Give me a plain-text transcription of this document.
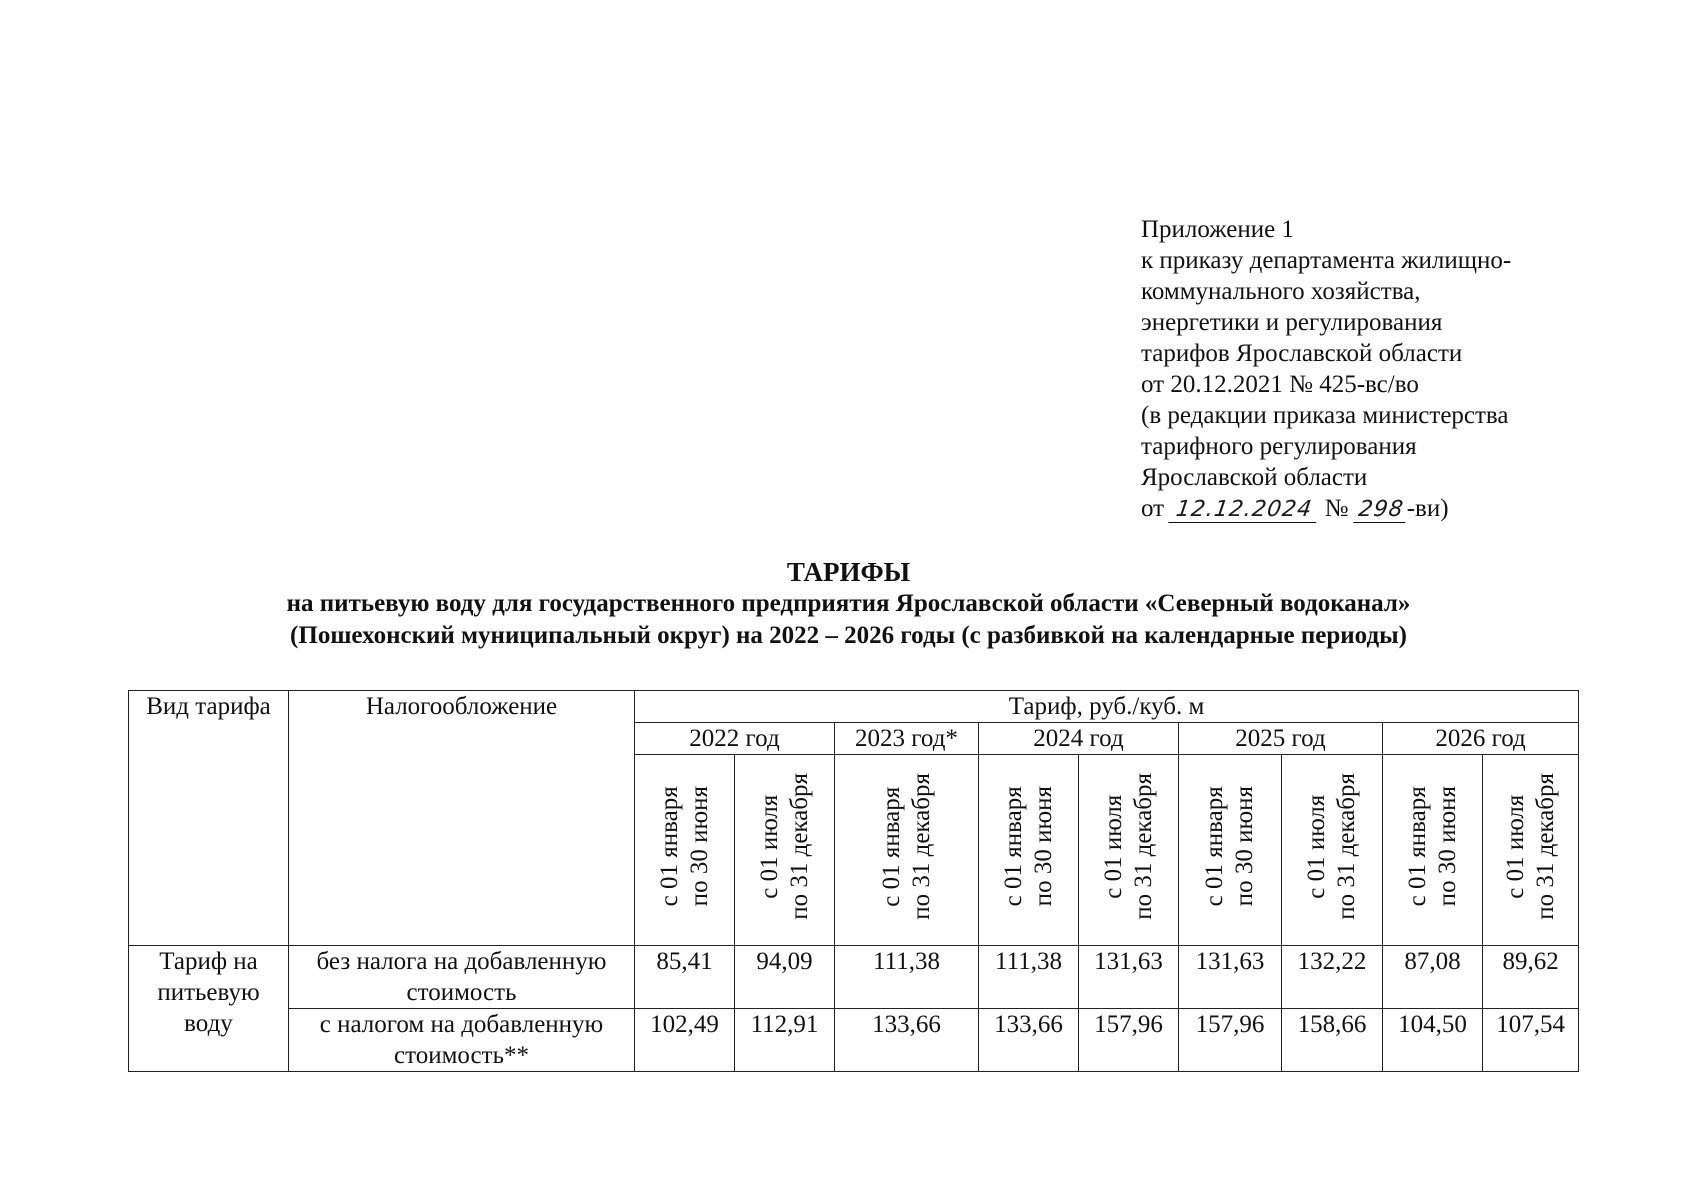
Приложение 1
к приказу департамента жилищно-
коммунального хозяйства,
энергетики и регулирования
тарифов Ярославской области
от 20.12.2021 № 425-вс/во
(в редакции приказа министерства
тарифного регулирования
Ярославской области
от 12.12.2024 № 298-ви)
ТАРИФЫ
на питьевую воду для государственного предприятия Ярославской области «Северный водоканал»
(Пошехонский муниципальный округ) на 2022 – 2026 годы (с разбивкой на календарные периоды)
Вид тарифа	Налогообложение	Тариф, руб./куб. м								
		2022 год		2023 год*	2024 год		2025 год		2026 год	

		с 01 января по 30 июня	с 01 июля по 31 декабря	с 01 января по 31 декабря	с 01 января по 30 июня	с 01 июля по 31 декабря	с 01 января по 30 июня	с 01 июля по 31 декабря	с 01 января по 30 июня	с 01 июля по 31 декабря

Тариф на питьевую воду	без налога на добавленную
стоимость	85,41	94,09	111,38	111,38	131,63	131,63	132,22	87,08	89,62

	с налогом на добавленную
стоимость**	102,49	112,91	133,66	133,66	157,96	157,96	158,66	104,50	107,54
